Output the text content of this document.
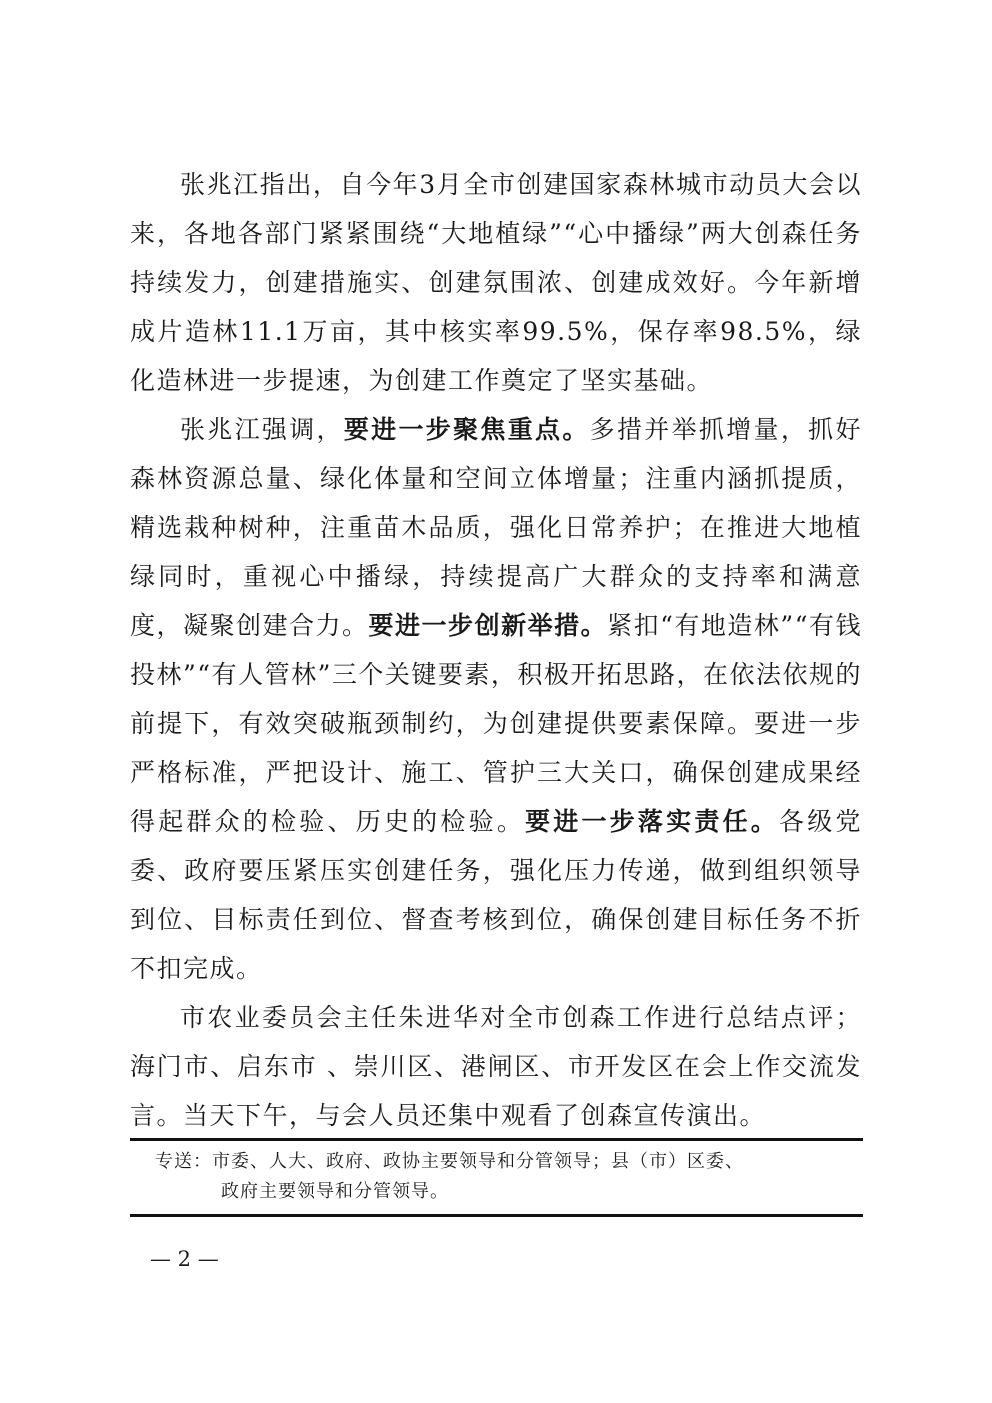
张兆江指出，自今年3月全市创建国家森林城市动员大会以来，各地各部门紧紧围绕“大地植绿”“心中播绿”两大创森任务持续发力，创建措施实、创建氛围浓、创建成效好。今年新增成片造林11.1万亩，其中核实率99.5%，保存率98.5%，绿化造林进一步提速，为创建工作奠定了坚实基础。

张兆江强调，要进一步聚焦重点。多措并举抓增量，抓好森林资源总量、绿化体量和空间立体增量；注重内涵抓提质，精选栽种树种，注重苗木品质，强化日常养护；在推进大地植绿同时，重视心中播绿，持续提高广大群众的支持率和满意度，凝聚创建合力。要进一步创新举措。紧扣“有地造林”“有钱投林”“有人管林”三个关键要素，积极开拓思路，在依法依规的前提下，有效突破瓶颈制约，为创建提供要素保障。要进一步严格标准，严把设计、施工、管护三大关口，确保创建成果经得起群众的检验、历史的检验。要进一步落实责任。各级党委、政府要压紧压实创建任务，强化压力传递，做到组织领导到位、目标责任到位、督查考核到位，确保创建目标任务不折不扣完成。

市农业委员会主任朱进华对全市创森工作进行总结点评；海门市、启东市 、崇川区、港闸区、市开发区在会上作交流发言。当天下午，与会人员还集中观看了创森宣传演出。

专送：市委、人大、政府、政协主要领导和分管领导；县（市）区委、
政府主要领导和分管领导。
— 2 —
